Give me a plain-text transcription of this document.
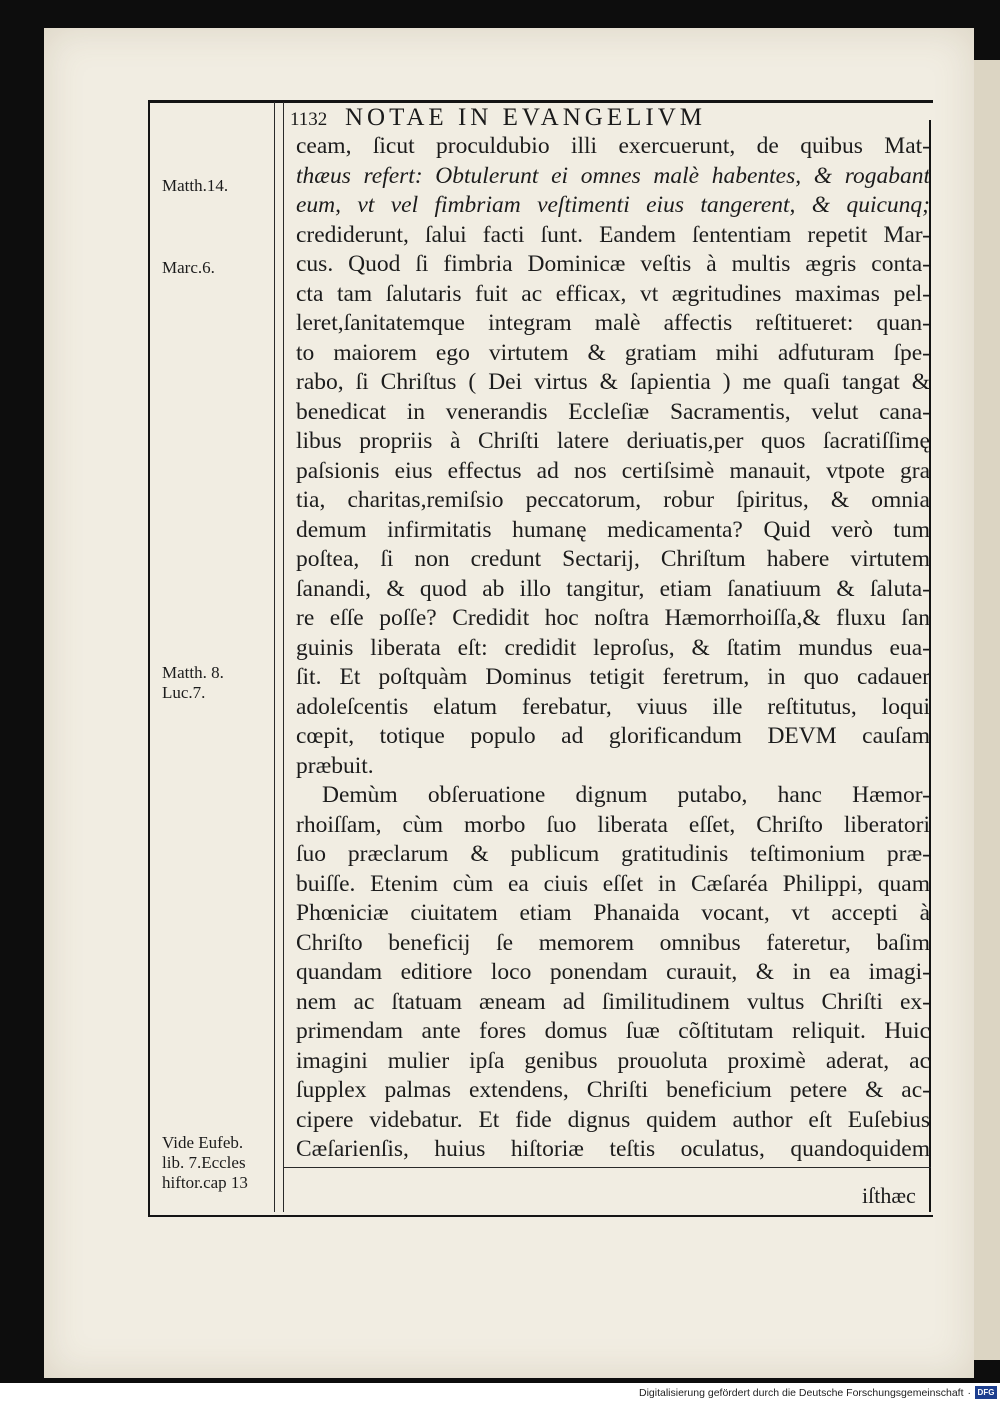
1132 NOTAE IN EVANGELIVM
Matth.14.
Marc.6.

Matth. 8.
Luc.7.

Vide Eufeb.
lib. 7.Eccles
hiftor.cap 13

ceam, ſicut proculdubio illi exercuerunt, de quibus Mat-
thæus refert: Obtulerunt ei omnes malè habentes, & rogabant
eum, vt vel fimbriam veſtimenti eius tangerent, & quicunq;
crediderunt, ſalui facti ſunt. Eandem ſententiam repetit Mar-
cus. Quod ſi fimbria Dominicæ veſtis à multis ægris conta-
cta tam ſalutaris fuit ac efficax, vt ægritudines maximas pel-
leret,ſanitatemque integram malè affectis reſtitueret: quan-
to maiorem ego virtutem & gratiam mihi adfuturam ſpe-
rabo, ſi Chriſtus ( Dei virtus & ſapientia ) me quaſi tangat &
benedicat in venerandis Eccleſiæ Sacramentis, velut cana-
libus propriis à Chriſti latere deriuatis,per quos ſacratiſſimę
paſsionis eius effectus ad nos certiſsimè manauit, vtpote gra
tia, charitas,remiſsio peccatorum, robur ſpiritus, & omnia
demum infirmitatis humanę medicamenta? Quid verò tum
poſtea, ſi non credunt Sectarij, Chriſtum habere virtutem
ſanandi, & quod ab illo tangitur, etiam ſanatiuum & ſaluta-
re eſſe poſſe? Credidit hoc noſtra Hæmorrhoiſſa,& fluxu ſan
guinis liberata eſt: credidit leproſus, & ſtatim mundus eua-
ſit. Et poſtquàm Dominus tetigit feretrum, in quo cadauer
adoleſcentis elatum ferebatur, viuus ille reſtitutus, loqui
cœpit, totique populo ad glorificandum DEVM cauſam
præbuit.
Demùm obſeruatione dignum putabo, hanc Hæmor-
rhoiſſam, cùm morbo ſuo liberata eſſet, Chriſto liberatori
ſuo præclarum & publicum gratitudinis teſtimonium præ-
buiſſe. Etenim cùm ea ciuis eſſet in Cæſaréa Philippi, quam
Phœniciæ ciuitatem etiam Phanaida vocant, vt accepti à
Chriſto beneficij ſe memorem omnibus fateretur, baſim
quandam editiore loco ponendam curauit, & in ea imagi-
nem ac ſtatuam æneam ad ſimilitudinem vultus Chriſti ex-
primendam ante fores domus ſuæ cõſtitutam reliquit. Huic
imagini mulier ipſa genibus prouoluta proximè aderat, ac
ſupplex palmas extendens, Chriſti beneficium petere & ac-
cipere videbatur. Et fide dignus quidem author eſt Euſebius
Cæſarienſis, huius hiſtoriæ teſtis oculatus, quandoquidem
iſthæc
Digitalisierung gefördert durch die Deutsche Forschungsgemeinschaft · DFG
